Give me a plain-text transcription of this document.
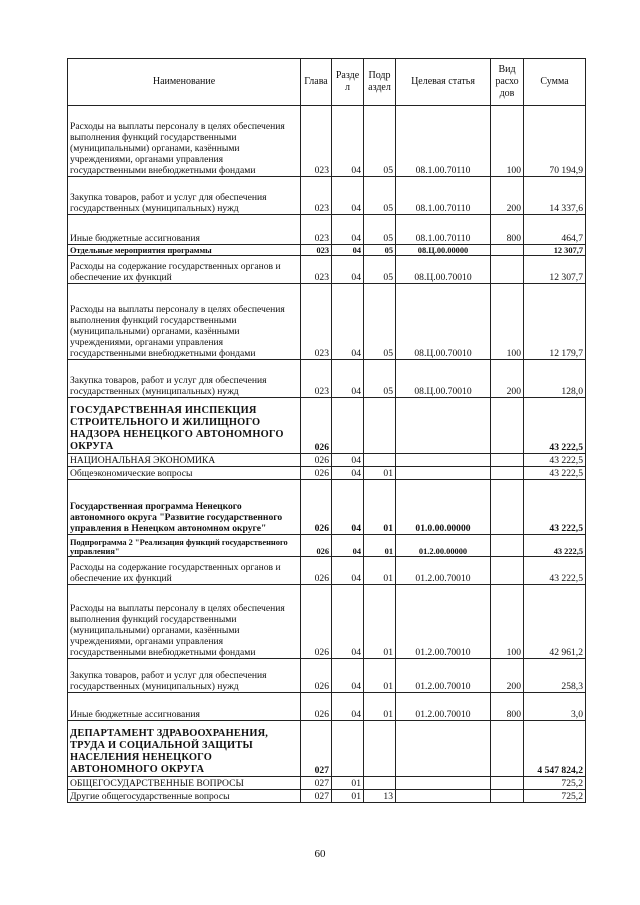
Наименование	Глава	Разде л	Подр аздел	Целевая статья	Вид расхо дов	Сумма
Расходы на выплаты персоналу в целях обеспечения выполнения функций государственными (муниципальными) органами, казёнными учреждениями, органами управления государственными внебюджетными фондами	023	04	05	08.1.00.70110	100	70 194,9
Закупка товаров, работ и услуг для обеспечения государственных (муниципальных) нужд	023	04	05	08.1.00.70110	200	14 337,6
Иные бюджетные ассигнования	023	04	05	08.1.00.70110	800	464,7
Отдельные мероприятия программы	023	04	05	08.Ц.00.00000		12 307,7
Расходы на содержание государственных органов и обеспечение их функций	023	04	05	08.Ц.00.70010		12 307,7
Расходы на выплаты персоналу в целях обеспечения выполнения функций государственными (муниципальными) органами, казёнными учреждениями, органами управления государственными внебюджетными фондами	023	04	05	08.Ц.00.70010	100	12 179,7
Закупка товаров, работ и услуг для обеспечения государственных (муниципальных) нужд	023	04	05	08.Ц.00.70010	200	128,0
ГОСУДАРСТВЕННАЯ ИНСПЕКЦИЯ СТРОИТЕЛЬНОГО И ЖИЛИЩНОГО НАДЗОРА НЕНЕЦКОГО АВТОНОМНОГО ОКРУГА	026					43 222,5
НАЦИОНАЛЬНАЯ ЭКОНОМИКА	026	04				43 222,5
Общеэкономические вопросы	026	04	01			43 222,5
Государственная программа Ненецкого автономного округа "Развитие государственного управления в Ненецком автономном округе"	026	04	01	01.0.00.00000		43 222,5
Подпрограмма 2 "Реализация функций государственного управления"	026	04	01	01.2.00.00000		43 222,5
Расходы на содержание государственных органов и обеспечение их функций	026	04	01	01.2.00.70010		43 222,5
Расходы на выплаты персоналу в целях обеспечения выполнения функций государственными (муниципальными) органами, казёнными учреждениями, органами управления государственными внебюджетными фондами	026	04	01	01.2.00.70010	100	42 961,2
Закупка товаров, работ и услуг для обеспечения государственных (муниципальных) нужд	026	04	01	01.2.00.70010	200	258,3
Иные бюджетные ассигнования	026	04	01	01.2.00.70010	800	3,0
ДЕПАРТАМЕНТ ЗДРАВООХРАНЕНИЯ, ТРУДА И СОЦИАЛЬНОЙ ЗАЩИТЫ НАСЕЛЕНИЯ НЕНЕЦКОГО АВТОНОМНОГО ОКРУГА	027					4 547 824,2
ОБЩЕГОСУДАРСТВЕННЫЕ ВОПРОСЫ	027	01				725,2
Другие общегосударственные вопросы	027	01	13			725,2
60
